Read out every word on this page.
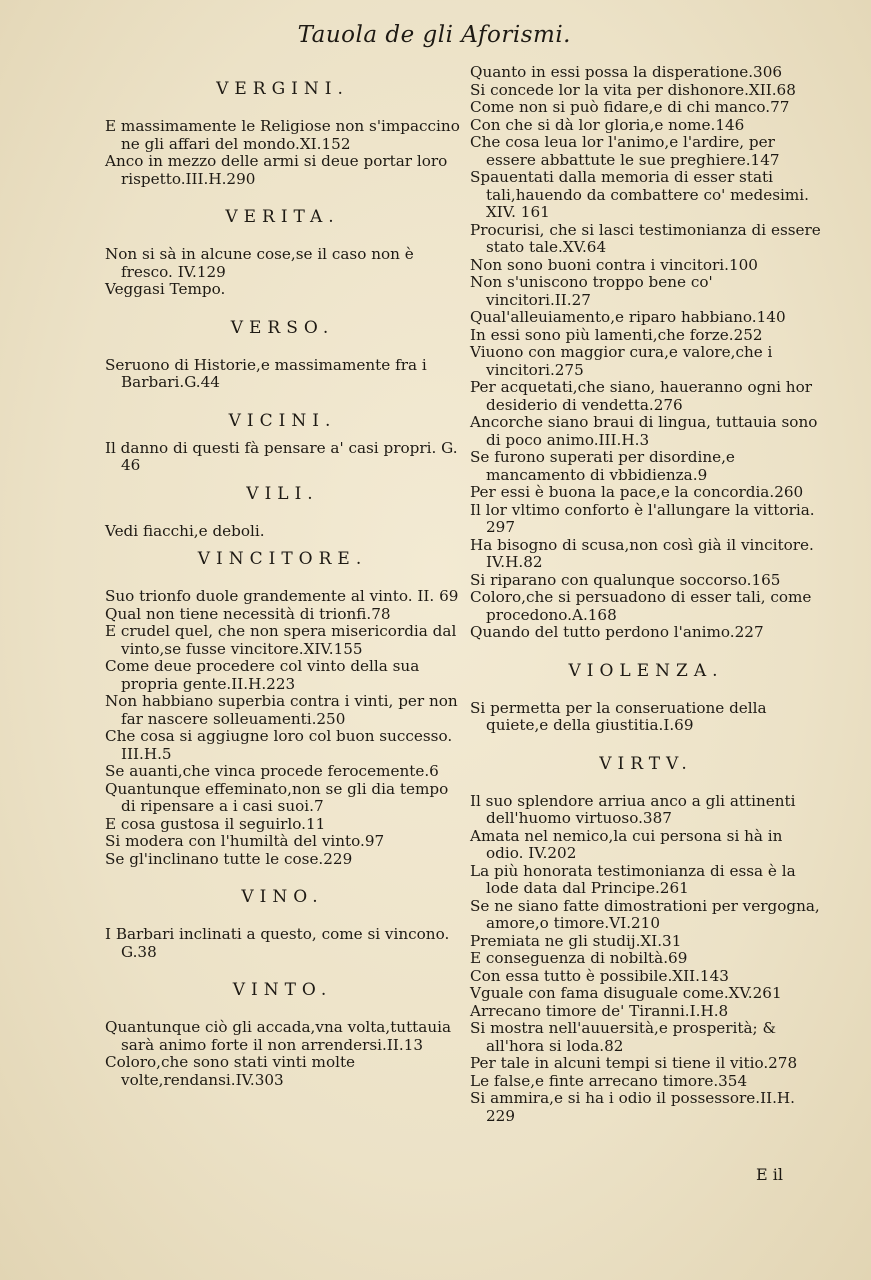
Tauola de gli Aforismi.

VERGINI.

E massimamente le Religiose non s'impaccino ne gli affari del mondo.XI.152

Anco in mezzo delle armi si deue portar loro rispetto.III.H.290

VERITA.

Non si sà in alcune cose,se il caso non è fresco. IV.129

Veggasi Tempo.

VERSO.

Seruono di Historie,e massimamente fra i Barbari.G.44

VICINI.

Il danno di questi fà pensare a' casi propri. G. 46

VILI.

Vedi fiacchi,e deboli.

VINCITORE.

Suo trionfo duole grandemente al vinto. II. 69

Qual non tiene necessità di trionfi.78

E crudel quel, che non spera misericordia dal vinto,se fusse vincitore.XIV.155

Come deue procedere col vinto della sua propria gente.II.H.223

Non habbiano superbia contra i vinti, per non far nascere solleuamenti.250

Che cosa si aggiugne loro col buon successo. III.H.5

Se auanti,che vinca procede ferocemente.6

Quantunque effeminato,non se gli dia tempo di ripensare a i casi suoi.7

E cosa gustosa il seguirlo.11

Si modera con l'humiltà del vinto.97

Se gl'inclinano tutte le cose.229

VINO.

I Barbari inclinati a questo, come si vincono. G.38

VINTO.

Quantunque ciò gli accada,vna volta,tuttauia sarà animo forte il non arrendersi.II.13

Coloro,che sono stati vinti molte volte,rendansi.IV.303

Quanto in essi possa la disperatione.306

Si concede lor la vita per dishonore.XII.68

Come non si può fidare,e di chi manco.77

Con che si dà lor gloria,e nome.146

Che cosa leua lor l'animo,e l'ardire, per essere abbattute le sue preghiere.147

Spauentati dalla memoria di esser stati tali,hauendo da combattere co' medesimi. XIV. 161

Procurisi, che si lasci testimonianza di essere stato tale.XV.64

Non sono buoni contra i vincitori.100

Non s'uniscono troppo bene co' vincitori.II.27

Qual'alleuiamento,e riparo habbiano.140

In essi sono più lamenti,che forze.252

Viuono con maggior cura,e valore,che i vincitori.275

Per acquetati,che siano, haueranno ogni hor desiderio di vendetta.276

Ancorche siano braui di lingua, tuttauia sono di poco animo.III.H.3

Se furono superati per disordine,e mancamento di vbbidienza.9

Per essi è buona la pace,e la concordia.260

Il lor vltimo conforto è l'allungare la vittoria. 297

Ha bisogno di scusa,non così già il vincitore. IV.H.82

Si riparano con qualunque soccorso.165

Coloro,che si persuadono di esser tali, come procedono.A.168

Quando del tutto perdono l'animo.227

VIOLENZA.

Si permetta per la conseruatione della quiete,e della giustitia.I.69

VIRTV.

Il suo splendore arriua anco a gli attinenti dell'huomo virtuoso.387

Amata nel nemico,la cui persona si hà in odio. IV.202

La più honorata testimonianza di essa è la lode data dal Principe.261

Se ne siano fatte dimostrationi per vergogna, amore,o timore.VI.210

Premiata ne gli studij.XI.31

E conseguenza di nobiltà.69

Con essa tutto è possibile.XII.143

Vguale con fama disuguale come.XV.261

Arrecano timore de' Tiranni.I.H.8

Si mostra nell'auuersità,e prosperità; & all'hora si loda.82

Per tale in alcuni tempi si tiene il vitio.278

Le false,e finte arrecano timore.354

Si ammira,e si ha i odio il possessore.II.H. 229

E il
